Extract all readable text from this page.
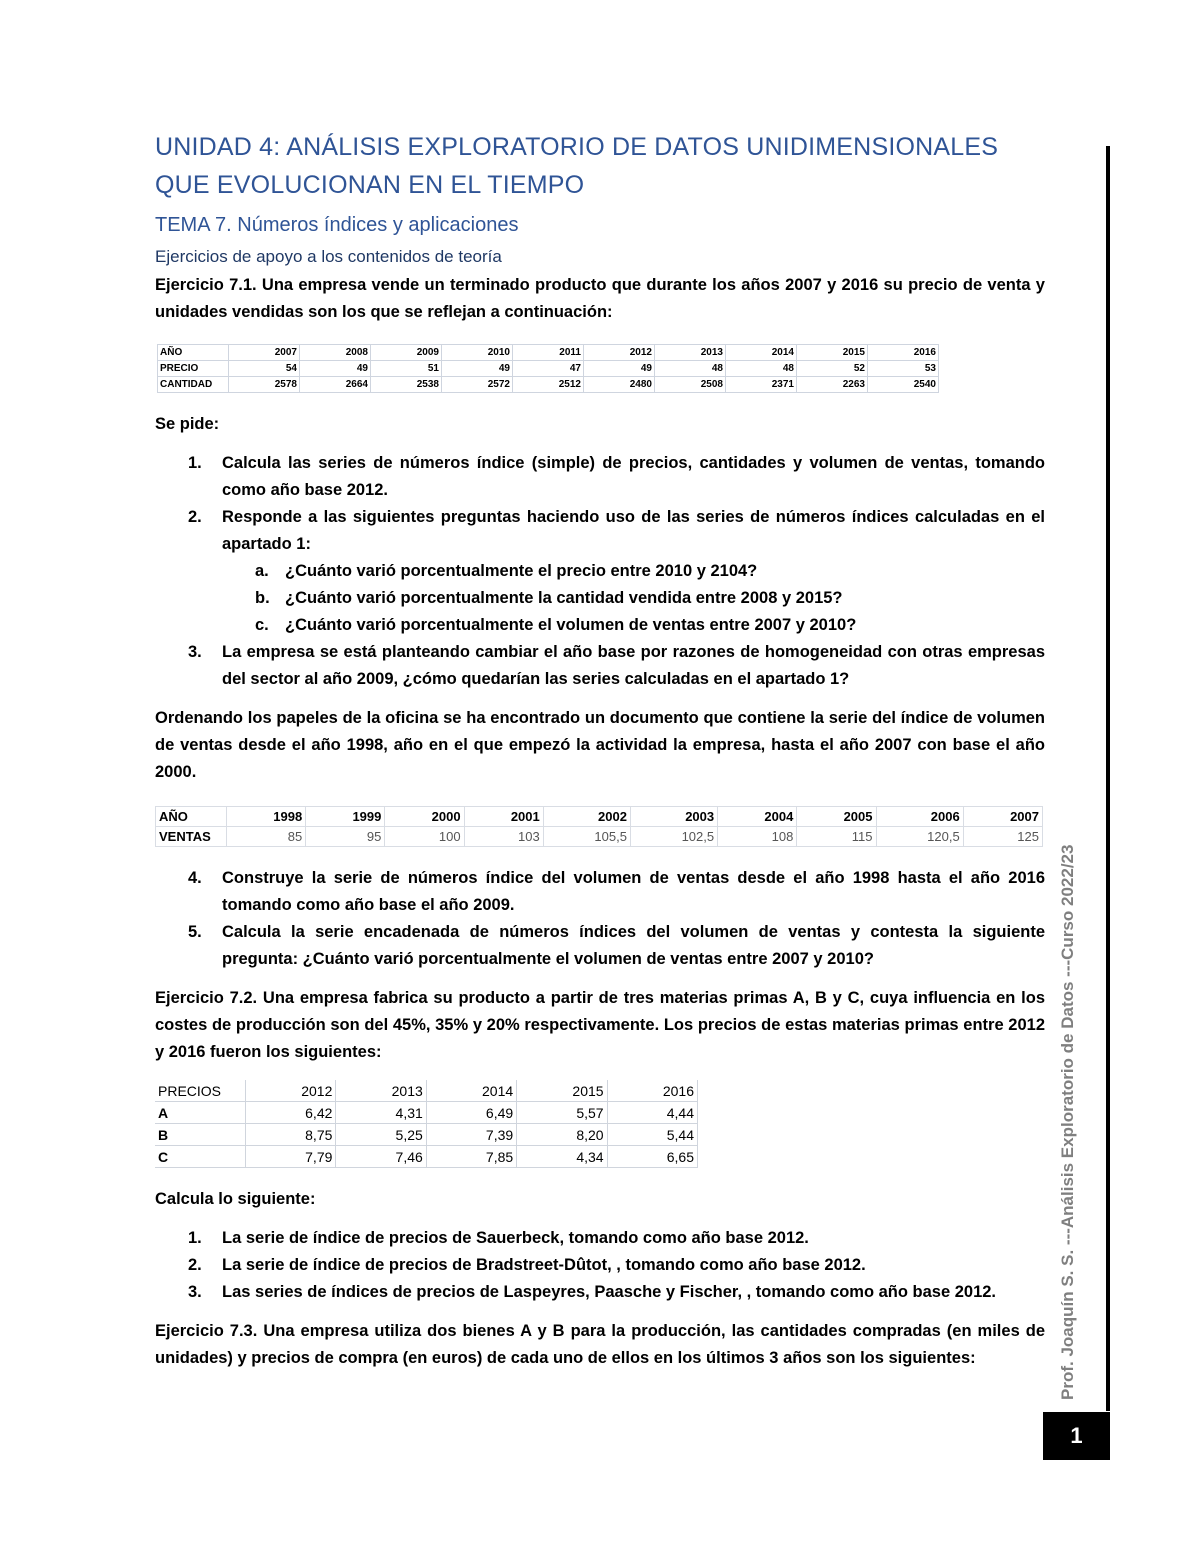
UNIDAD 4: ANÁLISIS EXPLORATORIO DE DATOS UNIDIMENSIONALES QUE EVOLUCIONAN EN EL TIEMPO
TEMA 7. Números índices y aplicaciones
Ejercicios de apoyo a los contenidos de teoría

Ejercicio 7.1. Una empresa vende un terminado producto que durante los años 2007 y 2016 su precio de venta y unidades vendidas son los que se reflejan a continuación:

AÑO	2007	2008	2009	2010	2011	2012	2013	2014	2015	2016
PRECIO	54	49	51	49	47	49	48	48	52	53
CANTIDAD	2578	2664	2538	2572	2512	2480	2508	2371	2263	2540

Se pide:

1. Calcula las series de números índice (simple) de precios, cantidades y volumen de ventas, tomando como año base 2012.
2. Responde a las siguientes preguntas haciendo uso de las series de números índices calculadas en el apartado 1:
a. ¿Cuánto varió porcentualmente el precio entre 2010 y 2104?
b. ¿Cuánto varió porcentualmente la cantidad vendida entre 2008 y 2015?
c. ¿Cuánto varió porcentualmente el volumen de ventas entre 2007 y 2010?
3. La empresa se está planteando cambiar el año base por razones de homogeneidad con otras empresas del sector al año 2009, ¿cómo quedarían las series calculadas en el apartado 1?

Ordenando los papeles de la oficina se ha encontrado un documento que contiene la serie del índice de volumen de ventas desde el año 1998, año en el que empezó la actividad la empresa, hasta el año 2007 con base el año 2000.

AÑO	1998	1999	2000	2001	2002	2003	2004	2005	2006	2007
VENTAS	85	95	100	103	105,5	102,5	108	115	120,5	125
4. Construye la serie de números índice del volumen de ventas desde el año 1998 hasta el año 2016 tomando como año base el año 2009.
5. Calcula la serie encadenada de números índices del volumen de ventas y contesta la siguiente pregunta: ¿Cuánto varió porcentualmente el volumen de ventas entre 2007 y 2010?

Ejercicio 7.2. Una empresa fabrica su producto a partir de tres materias primas A, B y C, cuya influencia en los costes de producción son del 45%, 35% y 20% respectivamente. Los precios de estas materias primas entre 2012 y 2016 fueron los siguientes:

PRECIOS	2012	2013	2014	2015	2016
A	6,42	4,31	6,49	5,57	4,44
B	8,75	5,25	7,39	8,20	5,44
C	7,79	7,46	7,85	4,34	6,65

Calcula lo siguiente:

1. La serie de índice de precios de Sauerbeck, tomando como año base 2012.
2. La serie de índice de precios de Bradstreet-Dûtot, , tomando como año base 2012.
3. Las series de índices de precios de Laspeyres, Paasche y Fischer, , tomando como año base 2012.

Ejercicio 7.3. Una empresa utiliza dos bienes A y B para la producción, las cantidades compradas (en miles de unidades) y precios de compra (en euros) de cada uno de ellos en los últimos 3 años son los siguientes:	Prof. Joaquín S. S. ---Análisis Exploratorio de Datos ---Curso 2022/23
1
